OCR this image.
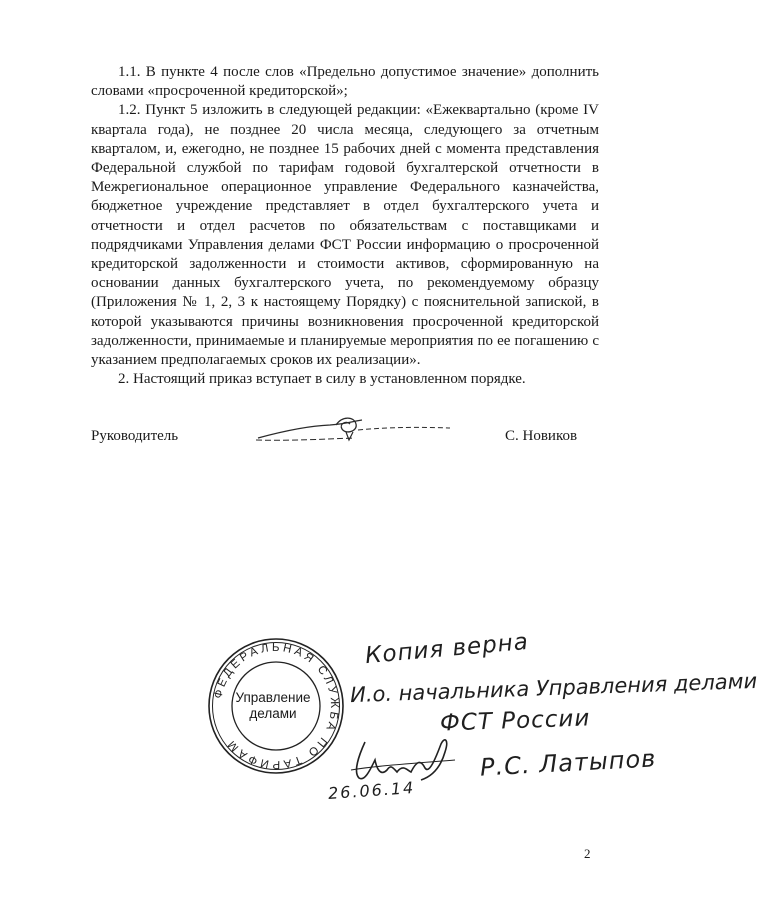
1.1. В пункте 4 после слов «Предельно допустимое значение» дополнить словами «просроченной кредиторской»;

1.2. Пункт 5 изложить в следующей редакции: «Ежеквартально (кроме IV квартала года), не позднее 20 числа месяца, следующего за отчетным кварталом, и, ежегодно, не позднее 15 рабочих дней с момента представления Федеральной службой по тарифам годовой бухгалтерской отчетности в Межрегиональное операционное управление Федерального казначейства, бюджетное учреждение представляет в отдел бухгалтерского учета и отчетности и отдел расчетов по обязательствам с поставщиками и подрядчиками Управления делами ФСТ России информацию о просроченной кредиторской задолженности и стоимости активов, сформированную на основании данных бухгалтерского учета, по рекомендуемому образцу (Приложения № 1, 2, 3 к настоящему Порядку) с пояснительной запиской, в которой указываются причины возникновения просроченной кредиторской задолженности, принимаемые и планируемые мероприятия по ее погашению с указанием предполагаемых сроков их реализации».

2. Настоящий приказ вступает в силу в установленном порядке.

Руководитель	С. Новиков
ФЕДЕРАЛЬНАЯ СЛУЖБА ПО ТАРИФАМ
Управление
делами
Копия верна
И.о. начальника Управления делами
ФСТ России
Р.С. Латыпов
26.06.14
2
